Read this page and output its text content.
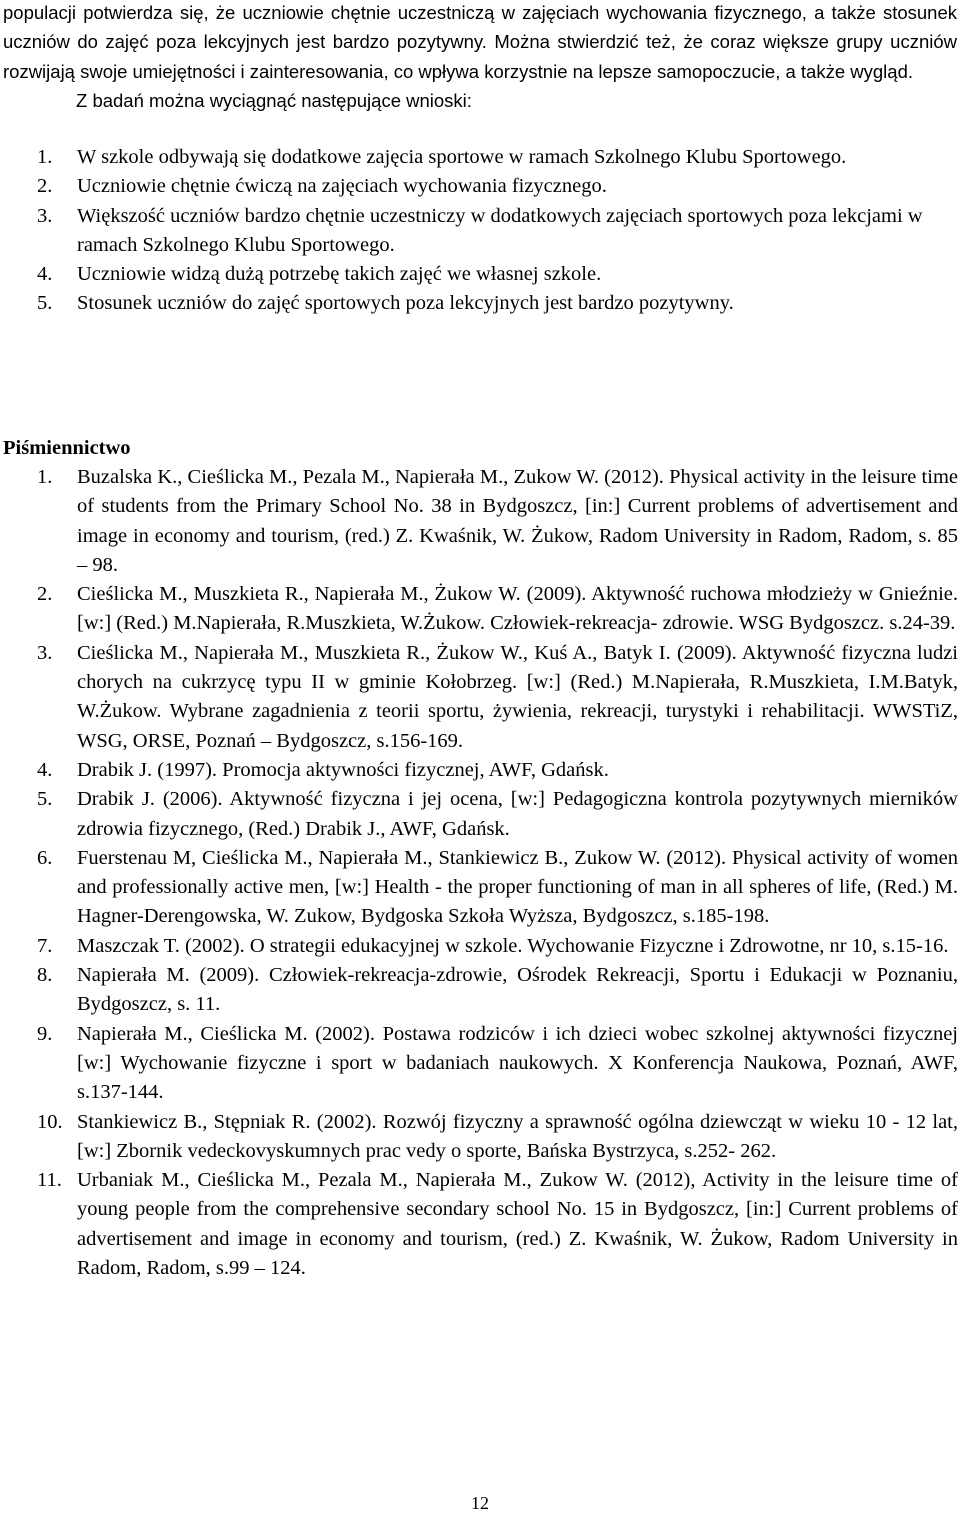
populacji potwierdza się, że uczniowie chętnie uczestniczą w zajęciach wychowania fizycznego, a także stosunek uczniów do zajęć poza lekcyjnych jest bardzo pozytywny. Można stwierdzić też, że coraz większe grupy uczniów rozwijają swoje umiejętności i zainteresowania, co wpływa korzystnie na lepsze samopoczucie, a także wygląd.

Z badań można wyciągnąć następujące wnioski:

1. W szkole odbywają się dodatkowe zajęcia sportowe w ramach Szkolnego Klubu Sportowego.
2. Uczniowie chętnie ćwiczą na zajęciach wychowania fizycznego.
3. Większość uczniów bardzo chętnie uczestniczy w dodatkowych zajęciach sportowych poza lekcjami w ramach Szkolnego Klubu Sportowego.
4. Uczniowie widzą dużą potrzebę takich zajęć we własnej szkole.
5. Stosunek uczniów do zajęć sportowych poza lekcyjnych jest bardzo pozytywny.
Piśmiennictwo
1. Buzalska K., Cieślicka M., Pezala M., Napierała M., Zukow W. (2012). Physical activity in the leisure time of students from the Primary School No. 38 in Bydgoszcz, [in:] Current problems of advertisement and image in economy and tourism, (red.) Z. Kwaśnik, W. Żukow, Radom University in Radom, Radom, s. 85 – 98.
2. Cieślicka M., Muszkieta R., Napierała M., Żukow W. (2009). Aktywność ruchowa młodzieży w Gnieźnie. [w:] (Red.) M.Napierała, R.Muszkieta, W.Żukow. Człowiek-rekreacja- zdrowie. WSG Bydgoszcz. s.24-39.
3. Cieślicka M., Napierała M., Muszkieta R., Żukow W., Kuś A., Batyk I. (2009). Aktywność fizyczna ludzi chorych na cukrzycę typu II w gminie Kołobrzeg. [w:] (Red.) M.Napierała, R.Muszkieta, I.M.Batyk, W.Żukow. Wybrane zagadnienia z teorii sportu, żywienia, rekreacji, turystyki i rehabilitacji. WWSTiZ, WSG, ORSE, Poznań – Bydgoszcz, s.156-169.
4. Drabik J. (1997). Promocja aktywności fizycznej, AWF, Gdańsk.
5. Drabik J. (2006). Aktywność fizyczna i jej ocena, [w:] Pedagogiczna kontrola pozytywnych mierników zdrowia fizycznego, (Red.) Drabik J., AWF, Gdańsk.
6. Fuerstenau M, Cieślicka M., Napierała M., Stankiewicz B., Zukow W. (2012). Physical activity of women and professionally active men, [w:] Health - the proper functioning of man in all spheres of life, (Red.) M. Hagner-Derengowska, W. Zukow, Bydgoska Szkoła Wyższa, Bydgoszcz, s.185-198.
7. Maszczak T. (2002). O strategii edukacyjnej w szkole. Wychowanie Fizyczne i Zdrowotne, nr 10, s.15-16.
8. Napierała M. (2009). Człowiek-rekreacja-zdrowie, Ośrodek Rekreacji, Sportu i Edukacji w Poznaniu, Bydgoszcz, s. 11.
9. Napierała M., Cieślicka M. (2002). Postawa rodziców i ich dzieci wobec szkolnej aktywności fizycznej [w:] Wychowanie fizyczne i sport w badaniach naukowych. X Konferencja Naukowa, Poznań, AWF, s.137-144.
10. Stankiewicz B., Stępniak R. (2002). Rozwój fizyczny a sprawność ogólna dziewcząt w wieku 10 - 12 lat, [w:] Zbornik vedeckovyskumnych prac vedy o sporte, Bańska Bystrzyca, s.252- 262.
11. Urbaniak M., Cieślicka M., Pezala M., Napierała M., Zukow W. (2012), Activity in the leisure time of young people from the comprehensive secondary school No. 15 in Bydgoszcz, [in:] Current problems of advertisement and image in economy and tourism, (red.) Z. Kwaśnik, W. Żukow, Radom University in Radom, Radom, s.99 – 124.
12
